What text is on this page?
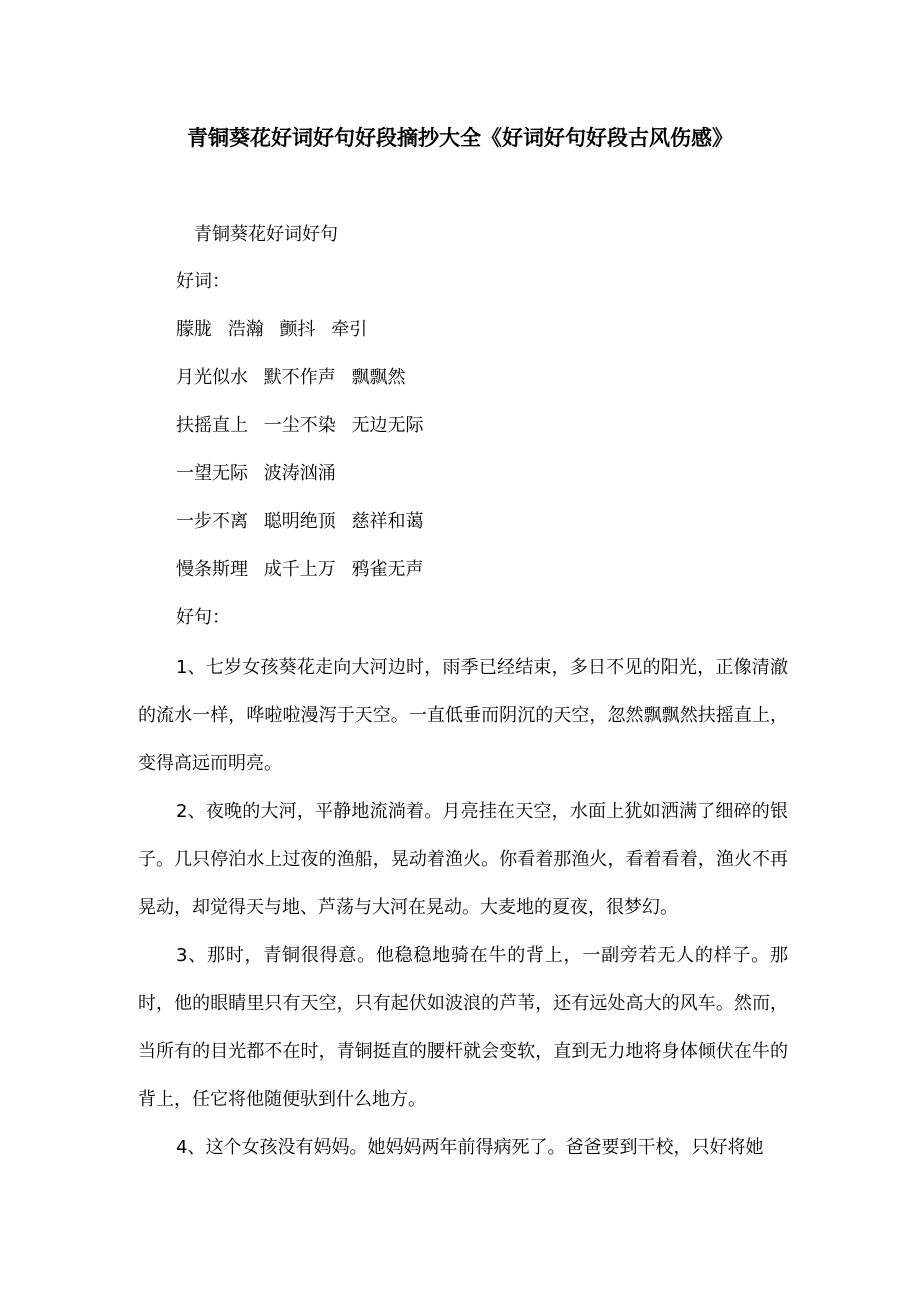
青铜葵花好词好句好段摘抄大全《好词好句好段古风伤感》
青铜葵花好词好句
好词：
朦胧 浩瀚 颤抖 牵引
月光似水 默不作声 飘飘然
扶摇直上 一尘不染 无边无际
一望无际 波涛汹涌
一步不离 聪明绝顶 慈祥和蔼
慢条斯理 成千上万 鸦雀无声
好句：

1、七岁女孩葵花走向大河边时，雨季已经结束，多日不见的阳光，正像清澈的流水一样，哗啦啦漫泻于天空。一直低垂而阴沉的天空，忽然飘飘然扶摇直上，变得高远而明亮。

2、夜晚的大河，平静地流淌着。月亮挂在天空，水面上犹如洒满了细碎的银子。几只停泊水上过夜的渔船，晃动着渔火。你看着那渔火，看着看着，渔火不再晃动，却觉得天与地、芦荡与大河在晃动。大麦地的夏夜，很梦幻。

3、那时，青铜很得意。他稳稳地骑在牛的背上，一副旁若无人的样子。那时，他的眼睛里只有天空，只有起伏如波浪的芦苇，还有远处高大的风车。然而，当所有的目光都不在时，青铜挺直的腰杆就会变软，直到无力地将身体倾伏在牛的背上，任它将他随便驮到什么地方。

4、这个女孩没有妈妈。她妈妈两年前得病死了。爸爸要到干校，只好将她
